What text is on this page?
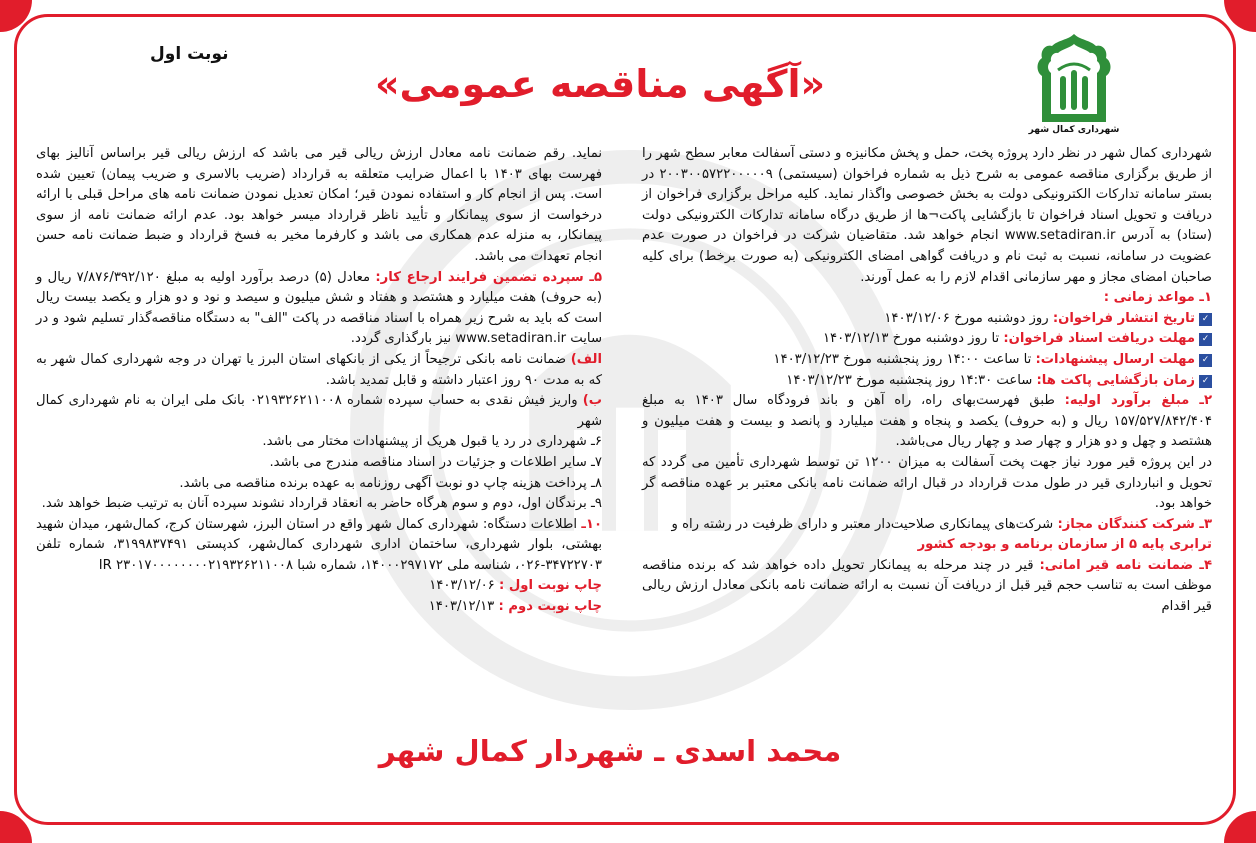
شهرداری کمال شهر
نوبت اول
«آگهی مناقصه عمومی»

شهرداری کمال شهر در نظر دارد پروژه پخت، حمل و پخش مکانیزه و دستی آسفالت معابر سطح شهر را از طریق برگزاری مناقصه عمومی به شرح ذیل به شماره فراخوان (سیستمی) ۲۰۰۳۰۰۵۷۲۲۰۰۰۰۰۹ در بستر سامانه تدارکات الکترونیکی دولت به بخش خصوصی واگذار نماید. کلیه مراحل برگزاری فراخوان از دریافت و تحویل اسناد فراخوان تا بازگشایی پاکت¬ها از طریق درگاه سامانه تدارکات الکترونیکی دولت (ستاد) به آدرس www.setadiran.ir انجام خواهد شد. متقاضیان شرکت در فراخوان در صورت عدم عضویت در سامانه، نسبت به ثبت نام و دریافت گواهی امضای الکترونیکی (به صورت برخط) برای کلیه صاحبان امضای مجاز و مهر سازمانی اقدام لازم را به عمل آورند.

۱ـ مواعد زمانی :

✓
تاریخ انتشار فراخوان: روز دوشنبه مورخ ۱۴۰۳/۱۲/۰۶
✓
مهلت دریافت اسناد فراخوان: تا روز دوشنبه مورخ ۱۴۰۳/۱۲/۱۳
✓
مهلت ارسال پیشنهادات: تا ساعت ۱۴:۰۰ روز پنجشنبه مورخ ۱۴۰۳/۱۲/۲۳
✓
زمان بازگشایی پاکت ها: ساعت ۱۴:۳۰ روز پنجشنبه مورخ ۱۴۰۳/۱۲/۲۳

۲ـ مبلغ برآورد اولیه: طبق فهرست‌بهای راه، راه آهن و باند فرودگاه سال ۱۴۰۳ به مبلغ ۱۵۷/۵۲۷/۸۴۲/۴۰۴ ریال و (به حروف) یکصد و پنجاه و هفت میلیارد و پانصد و بیست و هفت میلیون و هشتصد و چهل و دو هزار و چهار صد و چهار ریال می‌باشد.

در این پروژه قیر مورد نیاز جهت پخت آسفالت به میزان ۱۲۰۰ تن توسط شهرداری تأمین می گردد که تحویل و انبارداری قیر در طول مدت قرارداد در قبال ارائه ضمانت نامه بانکی معتبر بر عهده مناقصه گر خواهد بود.

۳ـ شرکت کنندگان مجاز: شرکت‌های پیمانکاری صلاحیت‌دار معتبر و دارای ظرفیت در رشته راه و

ترابری پایه ۵ از سازمان برنامه و بودجه کشور

۴ـ ضمانت نامه قیر امانی: قیر در چند مرحله به پیمانکار تحویل داده خواهد شد که برنده مناقصه موظف است به تناسب حجم قیر قبل از دریافت آن نسبت به ارائه ضمانت نامه بانکی معادل ارزش ریالی قیر اقدام

نماید. رقم ضمانت نامه معادل ارزش ریالی قیر می باشد که ارزش ریالی قیر براساس آنالیز بهای فهرست بهای ۱۴۰۳ با اعمال ضرایب متعلقه به قرارداد (ضریب بالاسری و ضریب پیمان) تعیین شده است. پس از انجام کار و استفاده نمودن قیر؛ امکان تعدیل نمودن ضمانت نامه های مراحل قبلی با ارائه درخواست از سوی پیمانکار و تأیید ناظر قرارداد میسر خواهد بود. عدم ارائه ضمانت نامه از سوی پیمانکار، به منزله عدم همکاری می باشد و کارفرما مخیر به فسخ قرارداد و ضبط ضمانت نامه حسن انجام تعهدات می باشد.

۵ـ سپرده تضمین فرایند ارجاع کار: معادل (۵) درصد برآورد اولیه به مبلغ ۷/۸۷۶/۳۹۲/۱۲۰ ریال و (به حروف) هفت میلیارد و هشتصد و هفتاد و شش میلیون و سیصد و نود و دو هزار و یکصد بیست ریال است که باید به شرح زیر همراه با اسناد مناقصه در پاکت "الف" به دستگاه مناقصه‌گذار تسلیم شود و در سایت www.setadiran.ir نیز بارگذاری گردد.

الف) ضمانت نامه بانکی ترجیحاً از یکی از بانکهای استان البرز یا تهران در وجه شهرداری کمال شهر به که به مدت ۹۰ روز اعتبار داشته و قابل تمدید باشد.

ب) واریز فیش نقدی به حساب سپرده شماره ۰۲۱۹۳۲۶۲۱۱۰۰۸ بانک ملی ایران به نام شهرداری کمال شهر

۶ـ شهرداری در رد یا قبول هریک از پیشنهادات مختار می باشد.

۷ـ سایر اطلاعات و جزئیات در اسناد مناقصه مندرج می باشد.

۸ـ پرداخت هزینه چاپ دو نوبت آگهی روزنامه به عهده برنده مناقصه می باشد.

۹ـ برندگان اول، دوم و سوم هرگاه حاضر به انعقاد قرارداد نشوند سپرده آنان به ترتیب ضبط خواهد شد.

۱۰ـ اطلاعات دستگاه: شهرداری کمال شهر واقع در استان البرز، شهرستان کرج، کمال‌شهر، میدان شهید بهشتی، بلوار شهرداری، ساختمان اداری شهرداری کمال‌شهر، کدپستی ۳۱۹۹۸۳۷۴۹۱، شماره تلفن ۳۴۷۲۲۷۰۳-۰۲۶، شناسه ملی ۱۴۰۰۰۲۹۷۱۷۲، شماره شبا IR ۲۳۰۱۷۰۰۰۰۰۰۰۰۲۱۹۳۲۶۲۱۱۰۰۸

چاپ نوبت اول : ۱۴۰۳/۱۲/۰۶

چاپ نوبت دوم : ۱۴۰۳/۱۲/۱۳

محمد اسدی ـ شهردار کمال شهر
